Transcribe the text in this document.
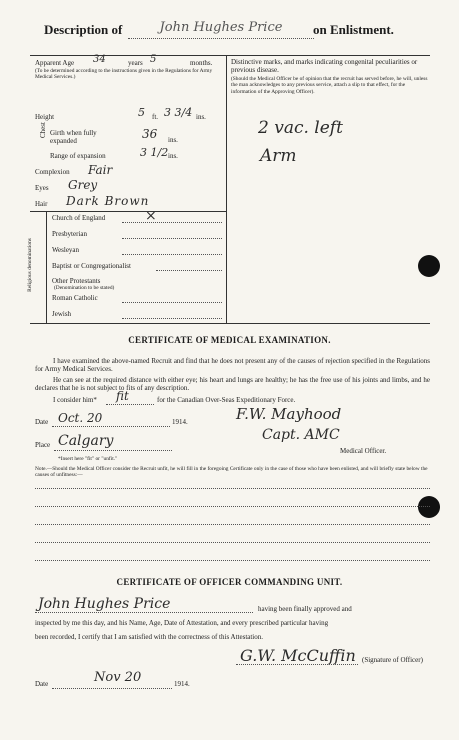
Description of	John Hughes Price	on Enlistment.
Apparent Age 34	years 5	months.
(To be determined according to the instructions given in the Regulations for Army Medical Services.)
Distinctive marks, and marks indicating congenital peculiarities or previous disease.
(Should the Medical Officer be of opinion that the recruit has served before, he will, unless the man acknowledges to any previous service, attach a slip to that effect, for the information of the Approving Officer).
2 vac. left
Arm
Height	5 ft. 3 3/4 ins.
Chest Girth when fully expanded	36 ins.
Range of expansion	3 1/2 ins.
Complexion Fair
Eyes Grey
Hair Dark Brown
Religious denominations
Church of England	×
Presbyterian
Wesleyan
Baptist or Congregationalist
Other Protestants
(Denomination to be stated)
Roman Catholic
Jewish
CERTIFICATE OF MEDICAL EXAMINATION.
I have examined the above-named Recruit and find that he does not present any of the causes of rejection specified in the Regulations for Army Medical Services.
He can see at the required distance with either eye; his heart and lungs are healthy; he has the free use of his joints and limbs, and he declares that he is not subject to fits of any description.
I consider him* fit	for the Canadian Over-Seas Expeditionary Force.
Date Oct. 20	1914.	F.W. Mayhood
Capt. AMC
Medical Officer.
Place Calgary
*Insert here "fit" or "unfit."
Note.—Should the Medical Officer consider the Recruit unfit, he will fill in the foregoing Certificate only in the case of those who have been enlisted, and will briefly state below the causes of unfitness:—
CERTIFICATE OF OFFICER COMMANDING UNIT.
John Hughes Price	having been finally approved and
inspected by me this day, and his Name, Age, Date of Attestation, and every prescribed particular having
been recorded, I certify that I am satisfied with the correctness of this Attestation.
G.W. McCuffin (Signature of Officer)
Date	Nov 20	1914.
